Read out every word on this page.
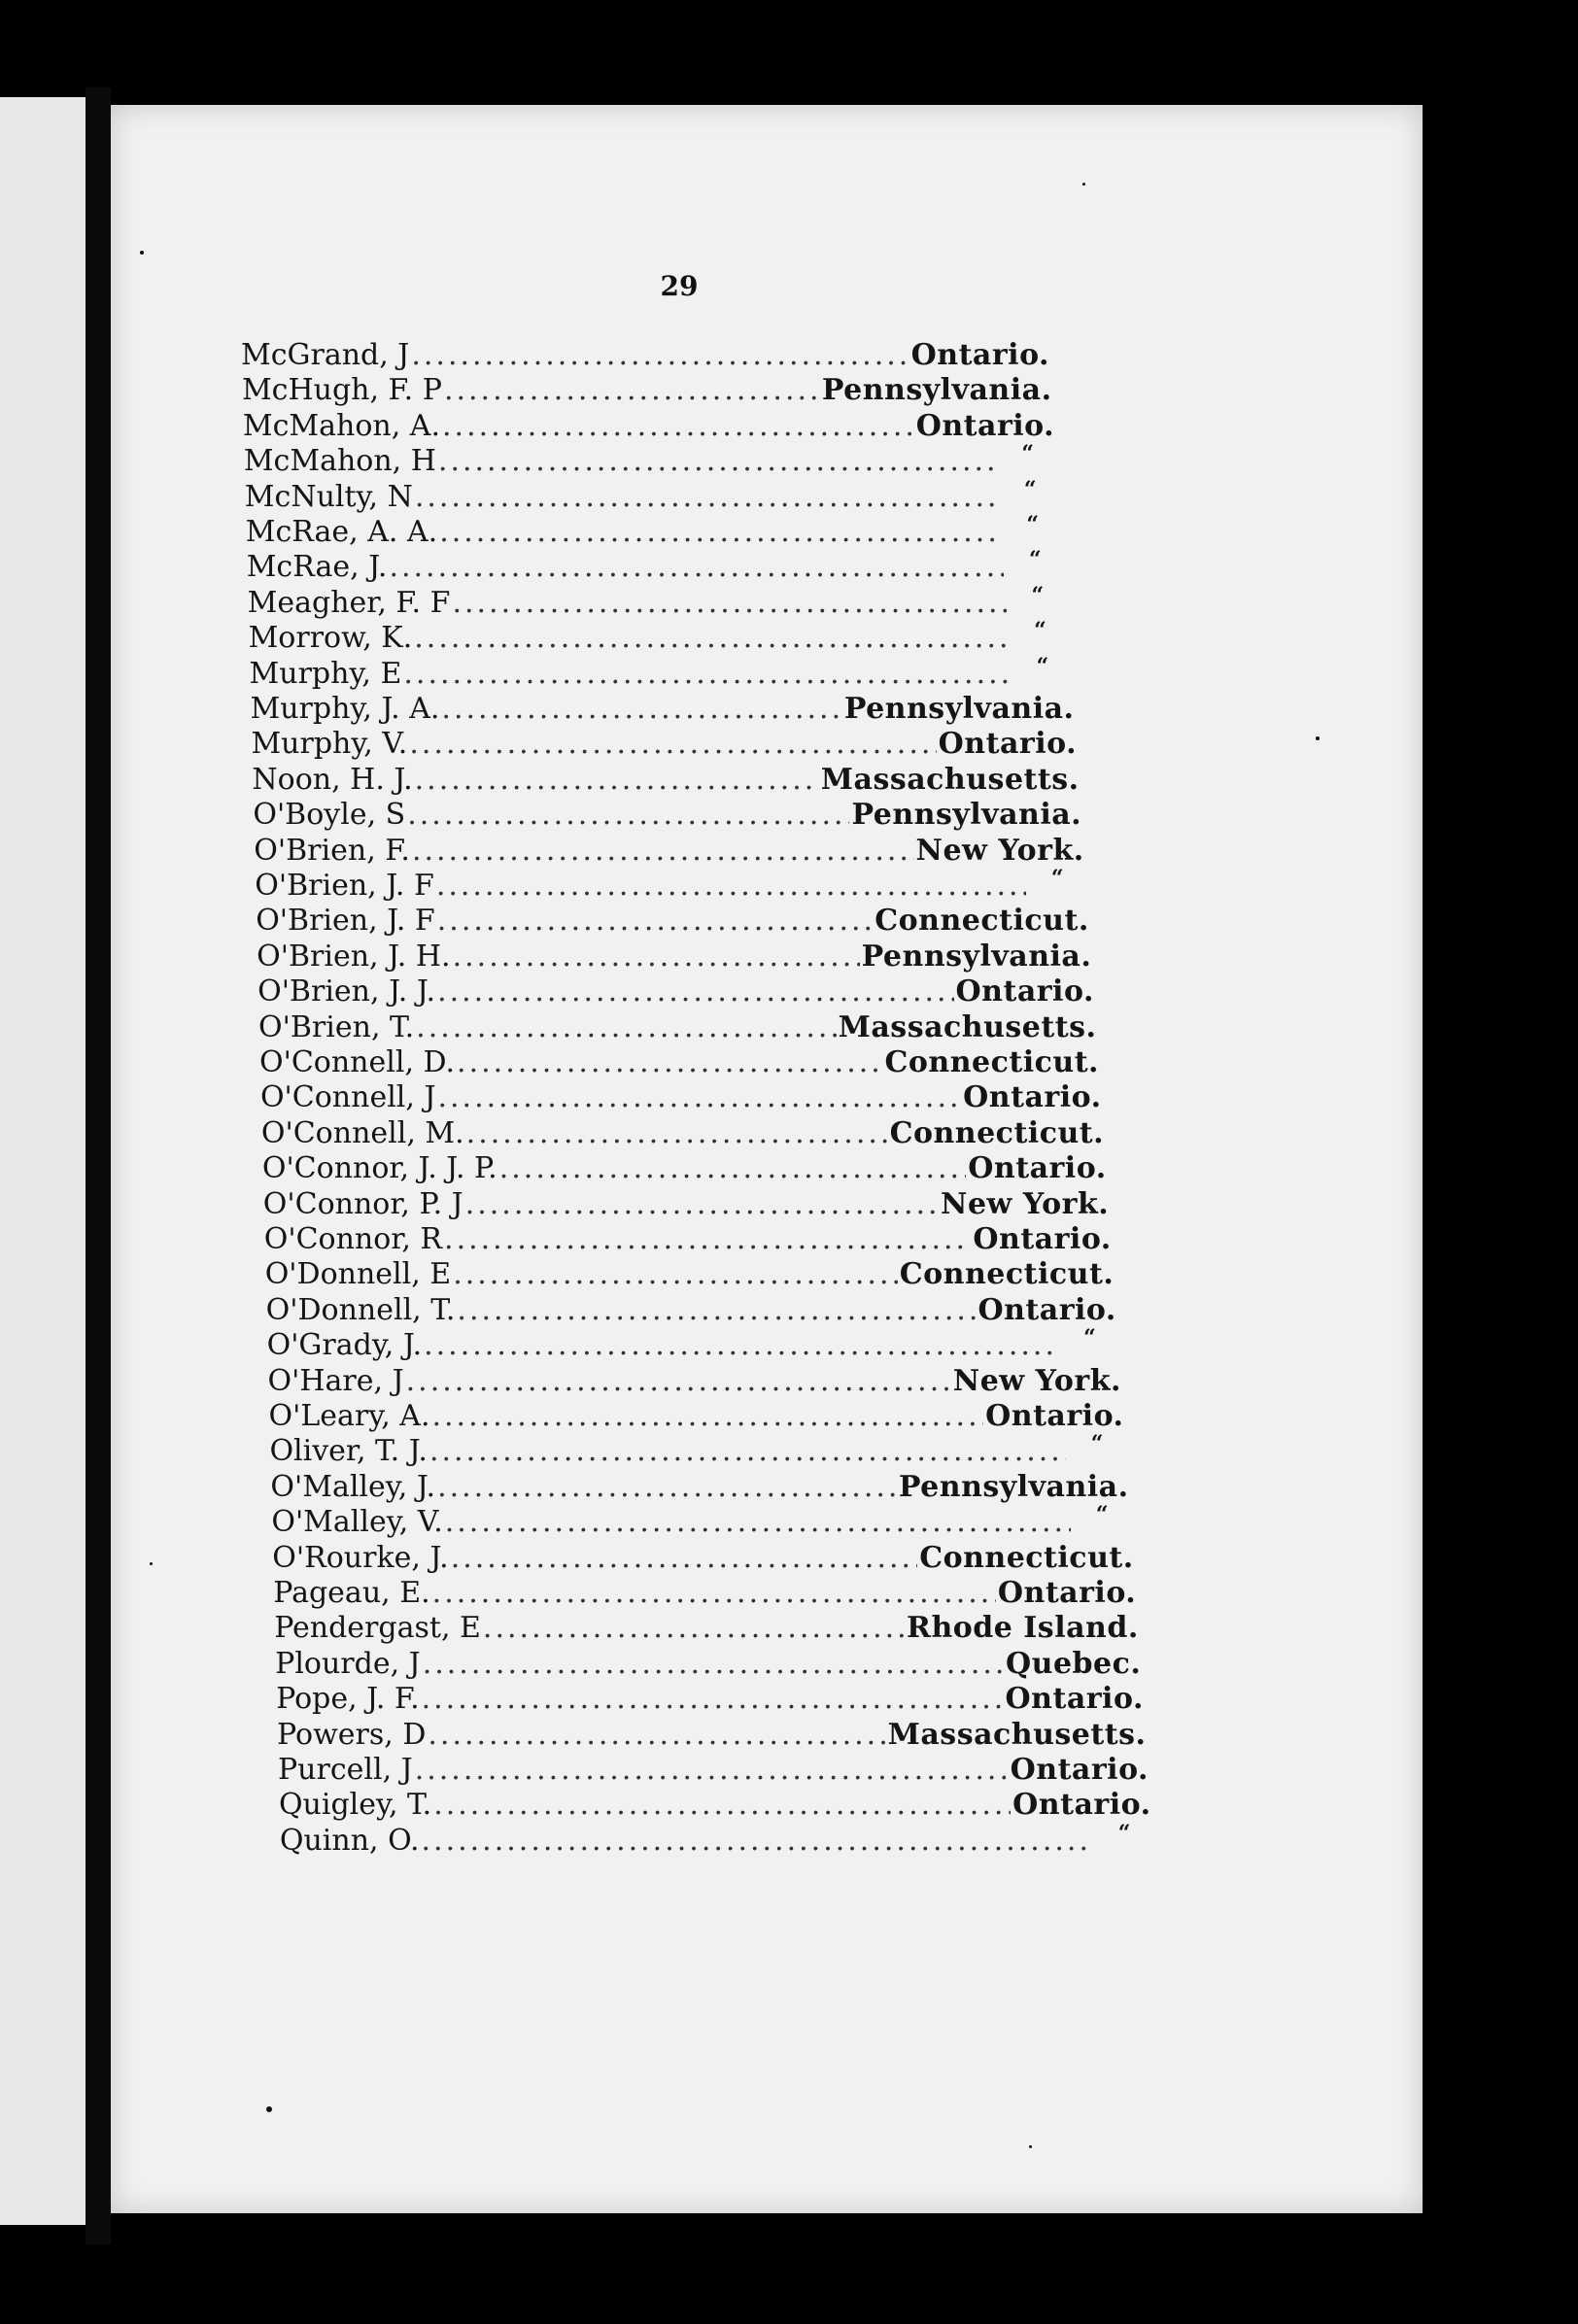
29
McGrand, J .....	Ontario.
McHugh, F. P .....	Pennsylvania.
McMahon, A. .....	Ontario.
McMahon, H .....	“
McNulty, N .....	“
McRae, A. A. .....	“
McRae, J. .....	“
Meagher, F. F .....	“
Morrow, K. .....	“
Murphy, E .....	“
Murphy, J. A. .....	Pennsylvania.
Murphy, V. .....	Ontario.
Noon, H. J. .....	Massachusetts.
O'Boyle, S .....	Pennsylvania.
O'Brien, F. .....	New York.
O'Brien, J. F .....	“
O'Brien, J. F .....	Connecticut.
O'Brien, J. H. .....	Pennsylvania.
O'Brien, J. J. .....	Ontario.
O'Brien, T. .....	Massachusetts.
O'Connell, D. .....	Connecticut.
O'Connell, J .....	Ontario.
O'Connell, M. .....	Connecticut.
O'Connor, J. J. P. .....	Ontario.
O'Connor, P. J .....	New York.
O'Connor, R .....	Ontario.
O'Donnell, E .....	Connecticut.
O'Donnell, T. .....	Ontario.
O'Grady, J. .....	“
O'Hare, J .....	New York.
O'Leary, A. .....	Ontario.
Oliver, T. J. .....	“
O'Malley, J. .....	Pennsylvania.
O'Malley, V. .....	“
O'Rourke, J. .....	Connecticut.
Pageau, E. .....	Ontario.
Pendergast, E .....	Rhode Island.
Plourde, J .....	Quebec.
Pope, J. F. .....	Ontario.
Powers, D .....	Massachusetts.
Purcell, J .....	Ontario.
Quigley, T. .....	Ontario.
Quinn, O. .....	“
